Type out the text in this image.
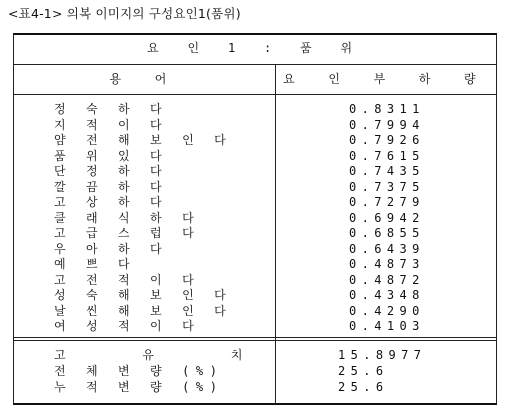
<표4-1> 의복 이미지의 구성요인1(품위)
요 인 1 : 품 위
용 어	요 인 부 하 량
정 숙 하 다	0.8311
지 적 이 다	0.7994
얌 전 해 보 인 다	0.7926
품 위 있 다	0.7615
단 정 하 다	0.7435
깔 끔 하 다	0.7375
고 상 하 다	0.7279
클 래 식 하 다	0.6942
고 급 스 럽 다	0.6855
우 아 하 다	0.6439
예 쁘 다	0.4873
고 전 적 이 다	0.4872
성 숙 해 보 인 다	0.4348
날 씬 해 보 인 다	0.4290
여 성 적 이 다	0.4103
고 유 치	15.8977
전 체 변 량 (%)	25.6
누 적 변 량 (%)	25.6
